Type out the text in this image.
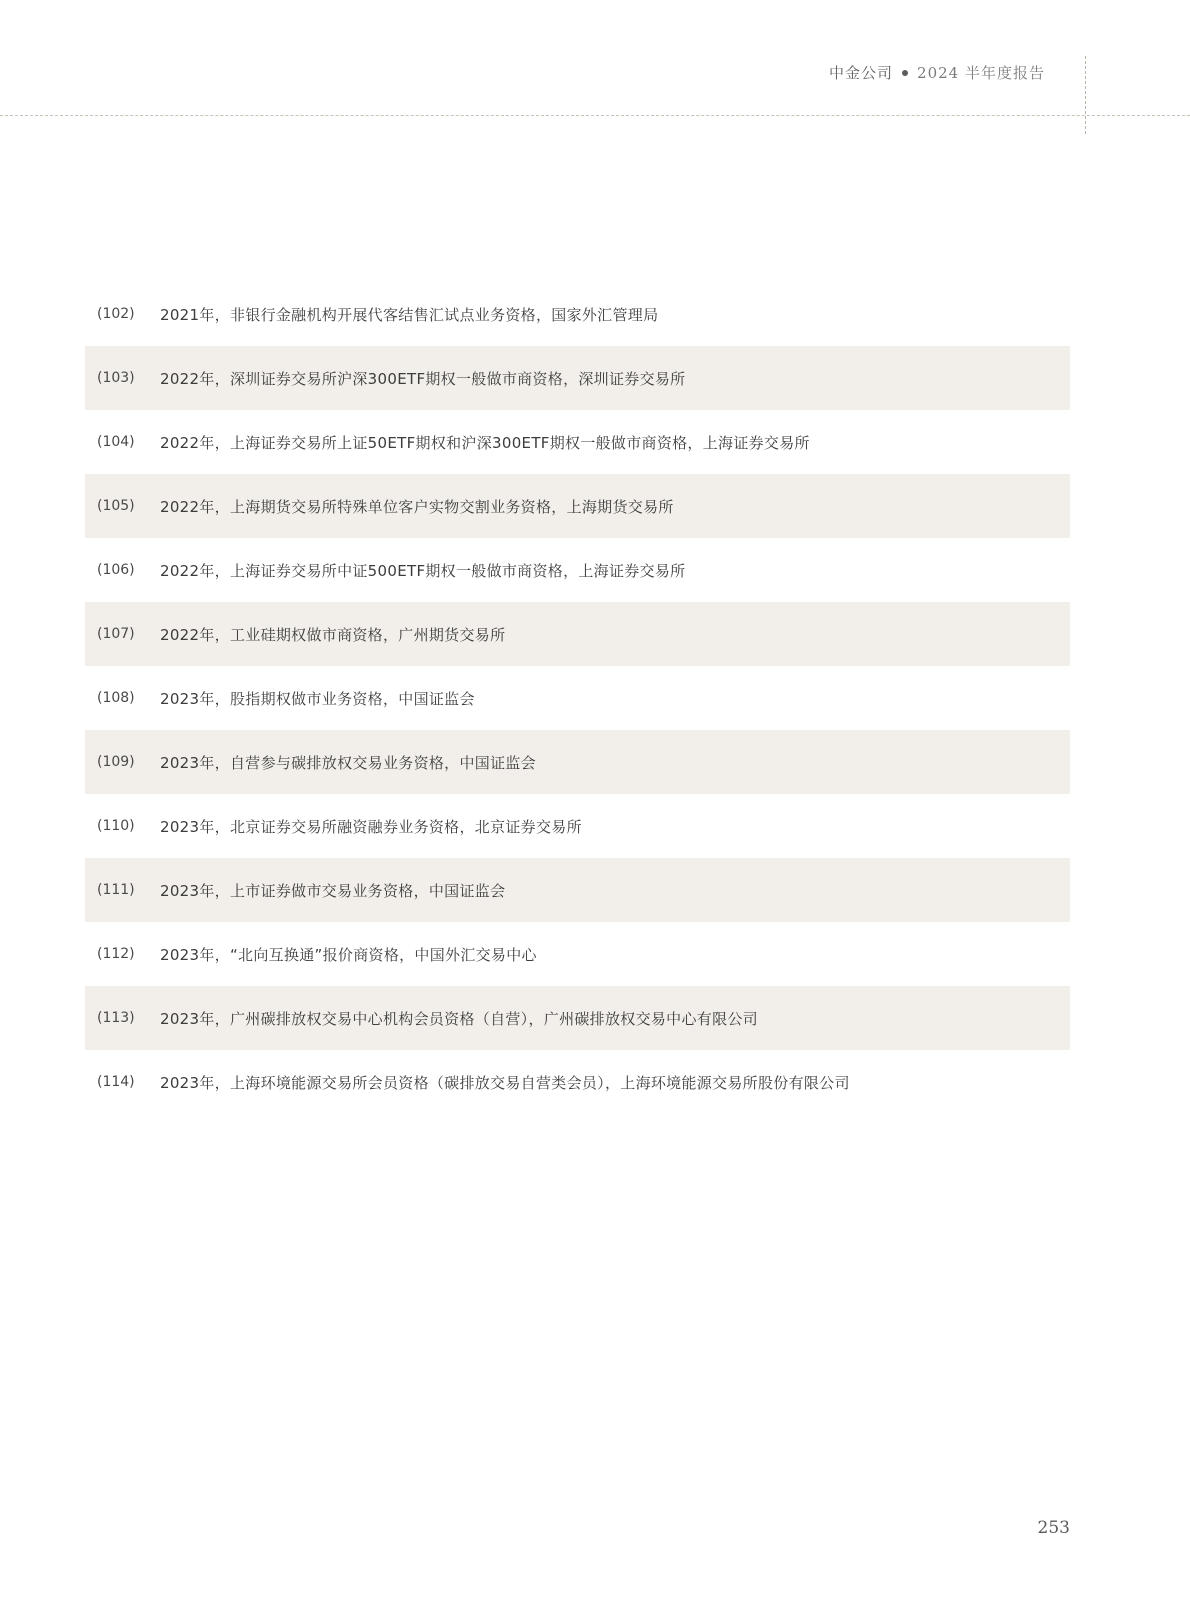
中金公司 2024 半年度报告
(102)	2021年，非银行金融机构开展代客结售汇试点业务资格，国家外汇管理局
(103)	2022年，深圳证券交易所沪深300ETF期权一般做市商资格，深圳证券交易所
(104)	2022年，上海证券交易所上证50ETF期权和沪深300ETF期权一般做市商资格，上海证券交易所
(105)	2022年，上海期货交易所特殊单位客户实物交割业务资格，上海期货交易所
(106)	2022年，上海证券交易所中证500ETF期权一般做市商资格，上海证券交易所
(107)	2022年，工业硅期权做市商资格，广州期货交易所
(108)	2023年，股指期权做市业务资格，中国证监会
(109)	2023年，自营参与碳排放权交易业务资格，中国证监会
(110)	2023年，北京证券交易所融资融券业务资格，北京证券交易所
(111)	2023年，上市证券做市交易业务资格，中国证监会
(112)	2023年，“北向互换通”报价商资格，中国外汇交易中心
(113)	2023年，广州碳排放权交易中心机构会员资格（自营），广州碳排放权交易中心有限公司
(114)	2023年，上海环境能源交易所会员资格（碳排放交易自营类会员），上海环境能源交易所股份有限公司
253
